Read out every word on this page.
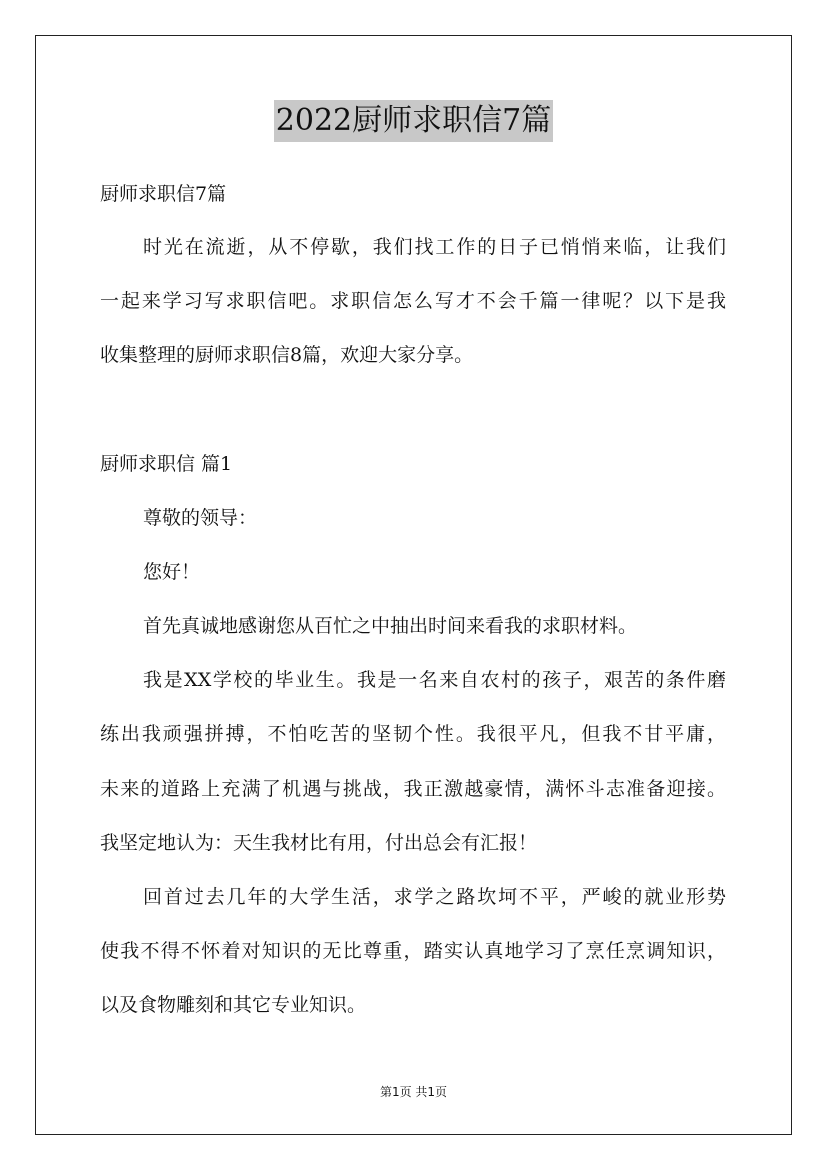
2022厨师求职信7篇
厨师求职信7篇
时光在流逝，从不停歇，我们找工作的日子已悄悄来临，让我们
一起来学习写求职信吧。求职信怎么写才不会千篇一律呢？以下是我
收集整理的厨师求职信8篇，欢迎大家分享。
厨师求职信 篇1
尊敬的领导：
您好！
首先真诚地感谢您从百忙之中抽出时间来看我的求职材料。
我是XX学校的毕业生。我是一名来自农村的孩子，艰苦的条件磨
练出我顽强拼搏，不怕吃苦的坚韧个性。我很平凡，但我不甘平庸，
未来的道路上充满了机遇与挑战，我正激越豪情，满怀斗志准备迎接。
我坚定地认为：天生我材比有用，付出总会有汇报！
回首过去几年的大学生活，求学之路坎坷不平，严峻的就业形势
使我不得不怀着对知识的无比尊重，踏实认真地学习了烹任烹调知识，
以及食物雕刻和其它专业知识。
第1页 共1页
